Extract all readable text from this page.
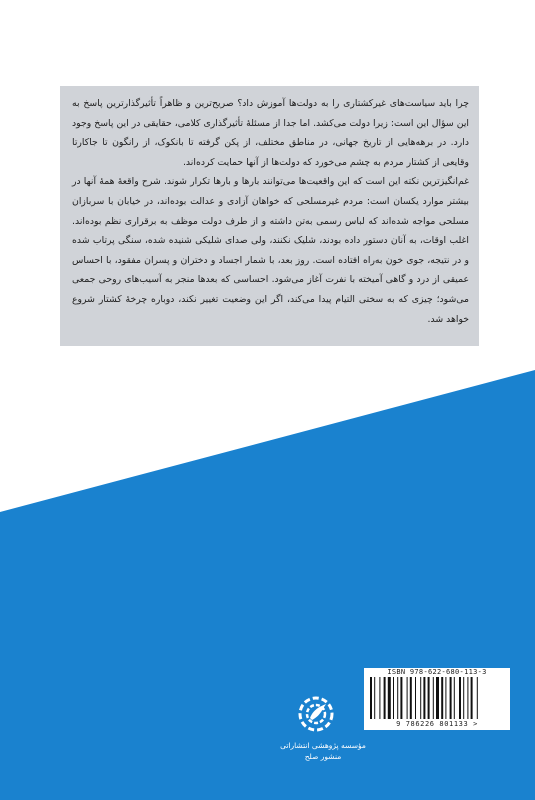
چرا باید سیاست‌های غیرکشتاری را به دولت‌ها آموزش داد؟ صریح‌ترین و ظاهراً تأثیرگذارترین پاسخ به این سؤال این است: زیرا دولت می‌کشد. اما جدا از مسئلهٔ تأثیرگذاری کلامی، حقایقی در این پاسخ وجود دارد. در برهه‌هایی از تاریخ جهانی، در مناطق مختلف، از پکن گرفته تا بانکوک، از رانگون تا جاکارتا وقایعی از کشتار مردم به چشم می‌خورد که دولت‌ها از آنها حمایت کرده‌اند.

غم‌انگیزترین نکته این است که این واقعیت‌ها می‌توانند بارها و بارها تکرار شوند. شرح واقعهٔ همهٔ آنها در بیشتر موارد یکسان است: مردم غیرمسلحی که خواهان آزادی و عدالت بوده‌اند، در خیابان با سربازان مسلحی مواجه شده‌اند که لباس رسمی به‌تن داشته و از طرف دولت موظف به برقراری نظم بوده‌اند. اغلب اوقات، به آنان دستور داده بودند، شلیک نکنند، ولی صدای شلیکی شنیده شده، سنگی پرتاب شده و در نتیجه، جوی خون به‌راه افتاده است. روز بعد، با شمار اجساد و دختران و پسران مفقود، با احساس عمیقی از درد و گاهی آمیخته با نفرت آغاز می‌شود. احساسی که بعدها منجر به آسیب‌های روحی جمعی می‌شود؛ چیزی که به سختی التیام پیدا می‌کند، اگر این وضعیت تغییر نکند، دوباره چرخهٔ کشتار شروع خواهد شد.

ISBN 978-622-680-113-3
9 786226 801133 >
مؤسسه پژوهشی انتشاراتی
منشور صلح
